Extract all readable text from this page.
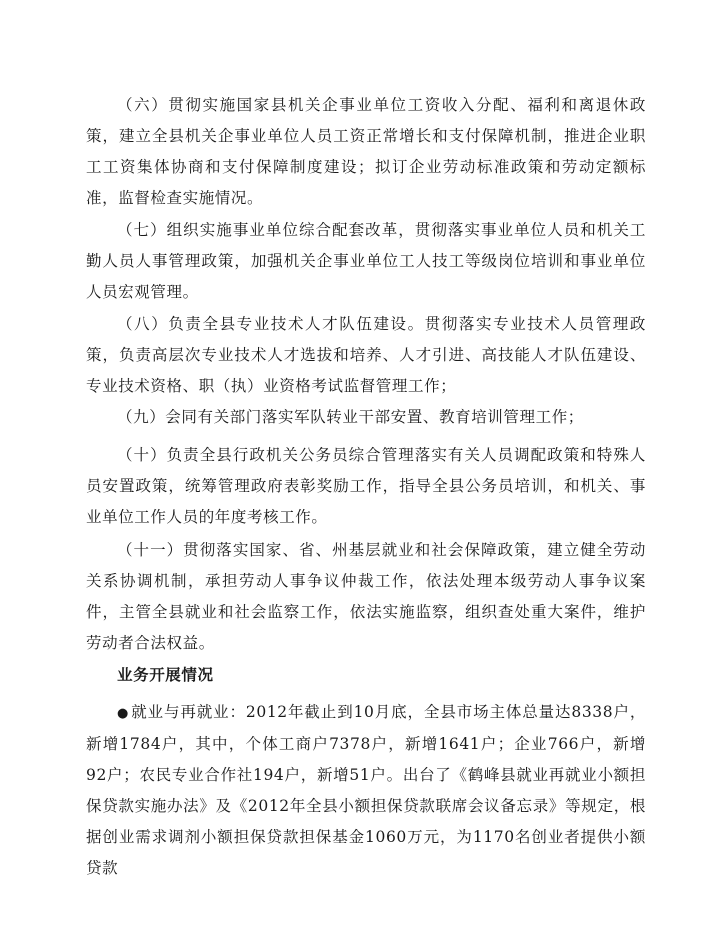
（六）贯彻实施国家县机关企事业单位工资收入分配、福利和离退休政策，建立全县机关企事业单位人员工资正常增长和支付保障机制，推进企业职工工资集体协商和支付保障制度建设；拟订企业劳动标准政策和劳动定额标准，监督检查实施情况。

（七）组织实施事业单位综合配套改革，贯彻落实事业单位人员和机关工勤人员人事管理政策，加强机关企事业单位工人技工等级岗位培训和事业单位人员宏观管理。

（八）负责全县专业技术人才队伍建设。贯彻落实专业技术人员管理政策，负责高层次专业技术人才选拔和培养、人才引进、高技能人才队伍建设、专业技术资格、职（执）业资格考试监督管理工作；

（九）会同有关部门落实军队转业干部安置、教育培训管理工作；

（十）负责全县行政机关公务员综合管理落实有关人员调配政策和特殊人员安置政策，统筹管理政府表彰奖励工作，指导全县公务员培训，和机关、事业单位工作人员的年度考核工作。

（十一）贯彻落实国家、省、州基层就业和社会保障政策，建立健全劳动关系协调机制，承担劳动人事争议仲裁工作，依法处理本级劳动人事争议案件，主管全县就业和社会监察工作，依法实施监察，组织查处重大案件，维护劳动者合法权益。

业务开展情况

● 就业与再就业：2012年截止到10月底，全县市场主体总量达8338户，新增1784户，其中，个体工商户7378户，新增1641户；企业766户，新增92户；农民专业合作社194户，新增51户。出台了《鹤峰县就业再就业小额担保贷款实施办法》及《2012年全县小额担保贷款联席会议备忘录》等规定，根据创业需求调剂小额担保贷款担保基金1060万元，为1170名创业者提供小额贷款
